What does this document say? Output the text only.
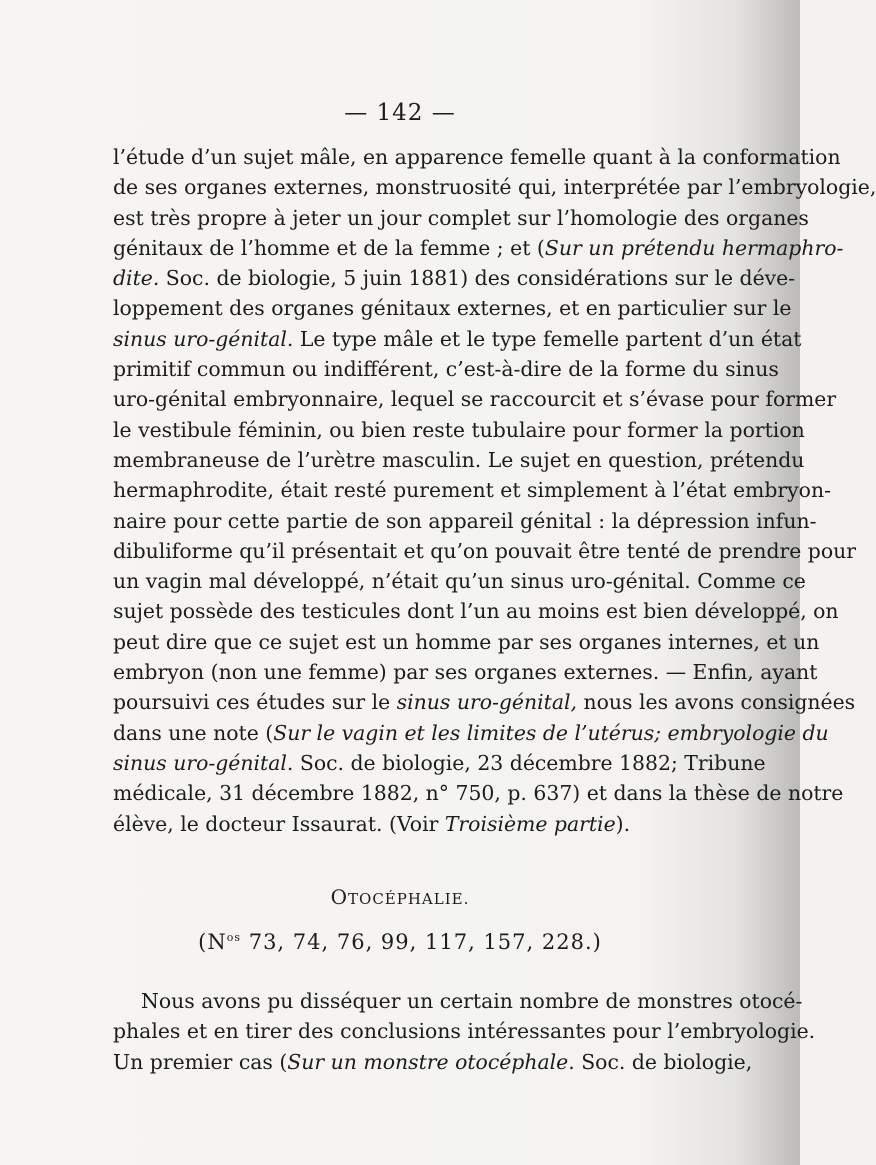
— 142 —
l’étude d’un sujet mâle, en apparence femelle quant à la conformation
de ses organes externes, monstruosité qui, interprétée par l’embryologie,
est très propre à jeter un jour complet sur l’homologie des organes
génitaux de l’homme et de la femme ; et (Sur un prétendu hermaphro-
dite. Soc. de biologie, 5 juin 1881) des considérations sur le déve-
loppement des organes génitaux externes, et en particulier sur le
sinus uro-génital. Le type mâle et le type femelle partent d’un état
primitif commun ou indifférent, c’est-à-dire de la forme du sinus
uro-génital embryonnaire, lequel se raccourcit et s’évase pour former
le vestibule féminin, ou bien reste tubulaire pour former la portion
membraneuse de l’urètre masculin. Le sujet en question, prétendu
hermaphrodite, était resté purement et simplement à l’état embryon-
naire pour cette partie de son appareil génital : la dépression infun-
dibuliforme qu’il présentait et qu’on pouvait être tenté de prendre pour
un vagin mal développé, n’était qu’un sinus uro-génital. Comme ce
sujet possède des testicules dont l’un au moins est bien développé, on
peut dire que ce sujet est un homme par ses organes internes, et un
embryon (non une femme) par ses organes externes. — Enfin, ayant
poursuivi ces études sur le sinus uro-génital, nous les avons consignées
dans une note (Sur le vagin et les limites de l’utérus; embryologie du
sinus uro-génital. Soc. de biologie, 23 décembre 1882; Tribune
médicale, 31 décembre 1882, n° 750, p. 637) et dans la thèse de notre
élève, le docteur Issaurat. (Voir Troisième partie).
OTOCÉPHALIE.
($N^{os}$ 73, 74, 76, 99, 117, 157, 228.)
Nous avons pu disséquer un certain nombre de monstres otocé-
phales et en tirer des conclusions intéressantes pour l’embryologie.
Un premier cas (Sur un monstre otocéphale. Soc. de biologie,
